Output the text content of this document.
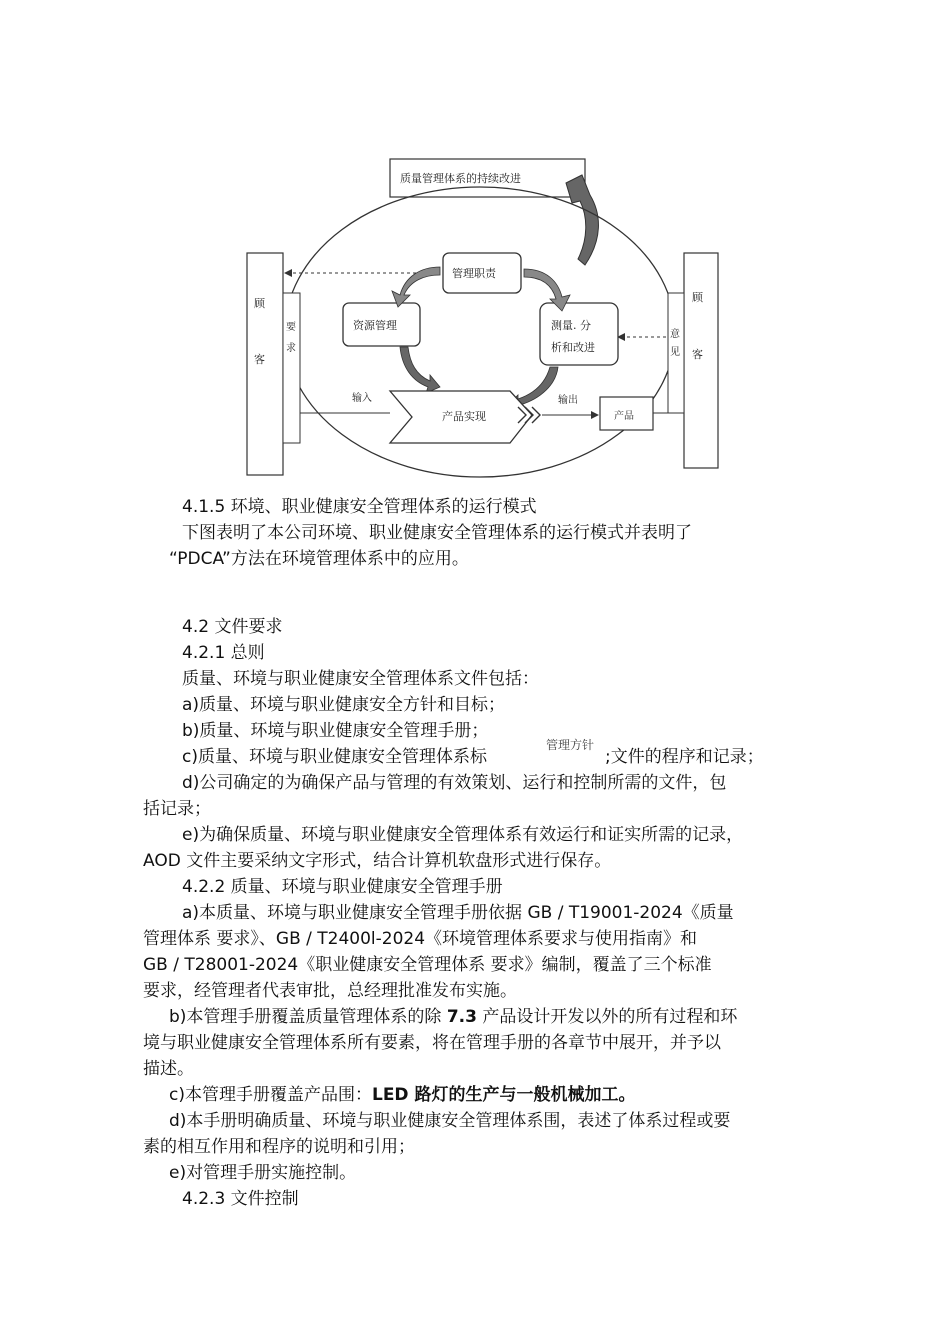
质量管理体系的持续改进
顾
客
要
求
顾
客
意
见
管理职责
资源管理	测量. 分
析和改进
输入
产品实现
输出
产品
4.1.5 环境、职业健康安全管理体系的运行模式
下图表明了本公司环境、职业健康安全管理体系的运行模式并表明了
“PDCA”方法在环境管理体系中的应用。
4.2 文件要求
4.2.1 总则
质量、环境与职业健康安全管理体系文件包括：
a)质量、环境与职业健康安全方针和目标；
b)质量、环境与职业健康安全管理手册；
c)质量、环境与职业健康安全管理体系标	;文件的程序和记录；
d)公司确定的为确保产品与管理的有效策划、运行和控制所需的文件，包
括记录；
e)为确保质量、环境与职业健康安全管理体系有效运行和证实所需的记录，
AOD 文件主要采纳文字形式，结合计算机软盘形式进行保存。
4.2.2 质量、环境与职业健康安全管理手册
a)本质量、环境与职业健康安全管理手册依据 GB / T19001-2024《质量
管理体系 要求》、GB / T2400l-2024《环境管理体系要求与使用指南》和
GB / T28001-2024《职业健康安全管理体系 要求》编制，覆盖了三个标准
要求，经管理者代表审批，总经理批准发布实施。
b)本管理手册覆盖质量管理体系的除 7.3 产品设计开发以外的所有过程和环
境与职业健康安全管理体系所有要素，将在管理手册的各章节中展开，并予以
描述。
c)本管理手册覆盖产品围：LED 路灯的生产与一般机械加工。
d)本手册明确质量、环境与职业健康安全管理体系围，表述了体系过程或要
素的相互作用和程序的说明和引用；
e)对管理手册实施控制。
4.2.3 文件控制
管理方针
